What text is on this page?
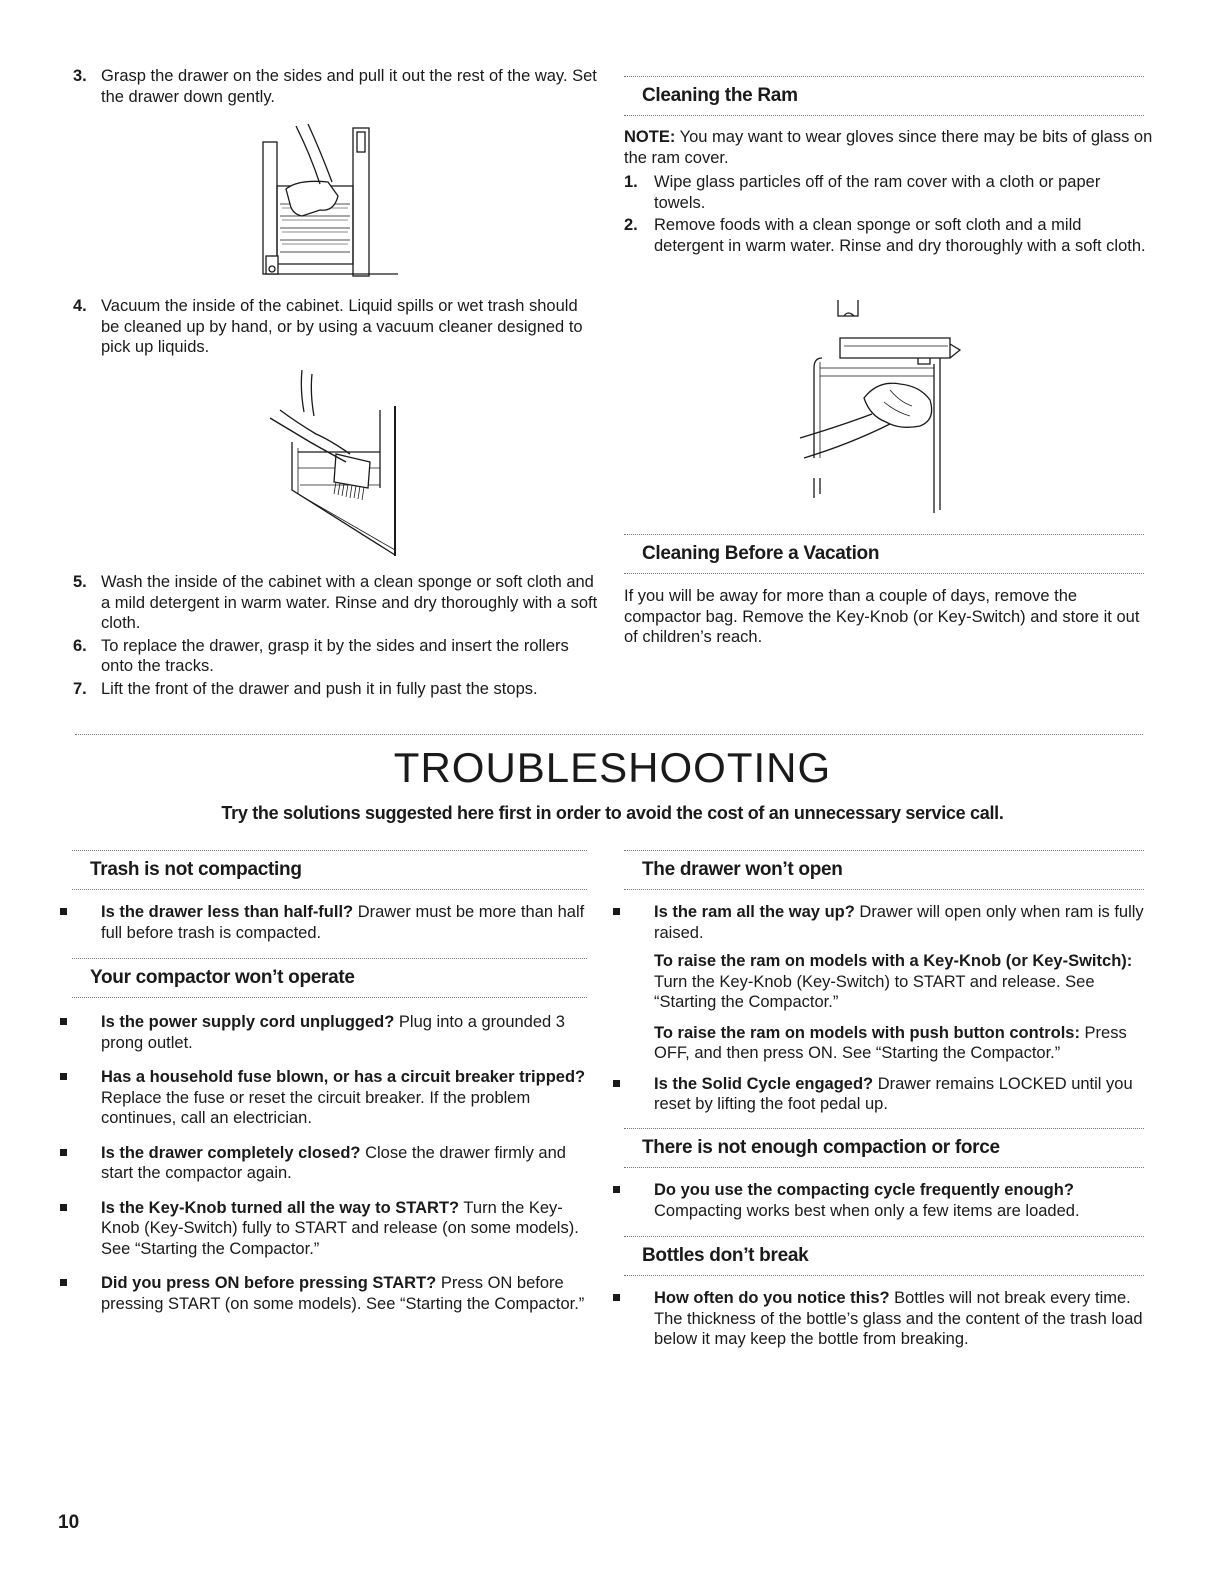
3. Grasp the drawer on the sides and pull it out the rest of the way. Set the drawer down gently.
4. Vacuum the inside of the cabinet. Liquid spills or wet trash should be cleaned up by hand, or by using a vacuum cleaner designed to pick up liquids.
5. Wash the inside of the cabinet with a clean sponge or soft cloth and a mild detergent in warm water. Rinse and dry thoroughly with a soft cloth.
6. To replace the drawer, grasp it by the sides and insert the rollers onto the tracks.
7. Lift the front of the drawer and push it in fully past the stops.
Cleaning the Ram

NOTE: You may want to wear gloves since there may be bits of glass on the ram cover.

1. Wipe glass particles off of the ram cover with a cloth or paper towels.
2. Remove foods with a clean sponge or soft cloth and a mild detergent in warm water. Rinse and dry thoroughly with a soft cloth.
Cleaning Before a Vacation

If you will be away for more than a couple of days, remove the compactor bag. Remove the Key-Knob (or Key-Switch) and store it out of children’s reach.

TROUBLESHOOTING

Try the solutions suggested here first in order to avoid the cost of an unnecessary service call.

Trash is not compacting
Is the drawer less than half-full? Drawer must be more than half full before trash is compacted.
Your compactor won’t operate
Is the power supply cord unplugged? Plug into a grounded 3 prong outlet.
Has a household fuse blown, or has a circuit breaker tripped? Replace the fuse or reset the circuit breaker. If the problem continues, call an electrician.
Is the drawer completely closed? Close the drawer firmly and start the compactor again.
Is the Key-Knob turned all the way to START? Turn the Key-Knob (Key-Switch) fully to START and release (on some models). See “Starting the Compactor.”
Did you press ON before pressing START? Press ON before pressing START (on some models). See “Starting the Compactor.”
The drawer won’t open
Is the ram all the way up? Drawer will open only when ram is fully raised.

To raise the ram on models with a Key-Knob (or Key-Switch): Turn the Key-Knob (Key-Switch) to START and release. See “Starting the Compactor.”

To raise the ram on models with push button controls: Press OFF, and then press ON. See “Starting the Compactor.”

Is the Solid Cycle engaged? Drawer remains LOCKED until you reset by lifting the foot pedal up.
There is not enough compaction or force
Do you use the compacting cycle frequently enough? Compacting works best when only a few items are loaded.
Bottles don’t break
How often do you notice this? Bottles will not break every time. The thickness of the bottle’s glass and the content of the trash load below it may keep the bottle from breaking.
10
